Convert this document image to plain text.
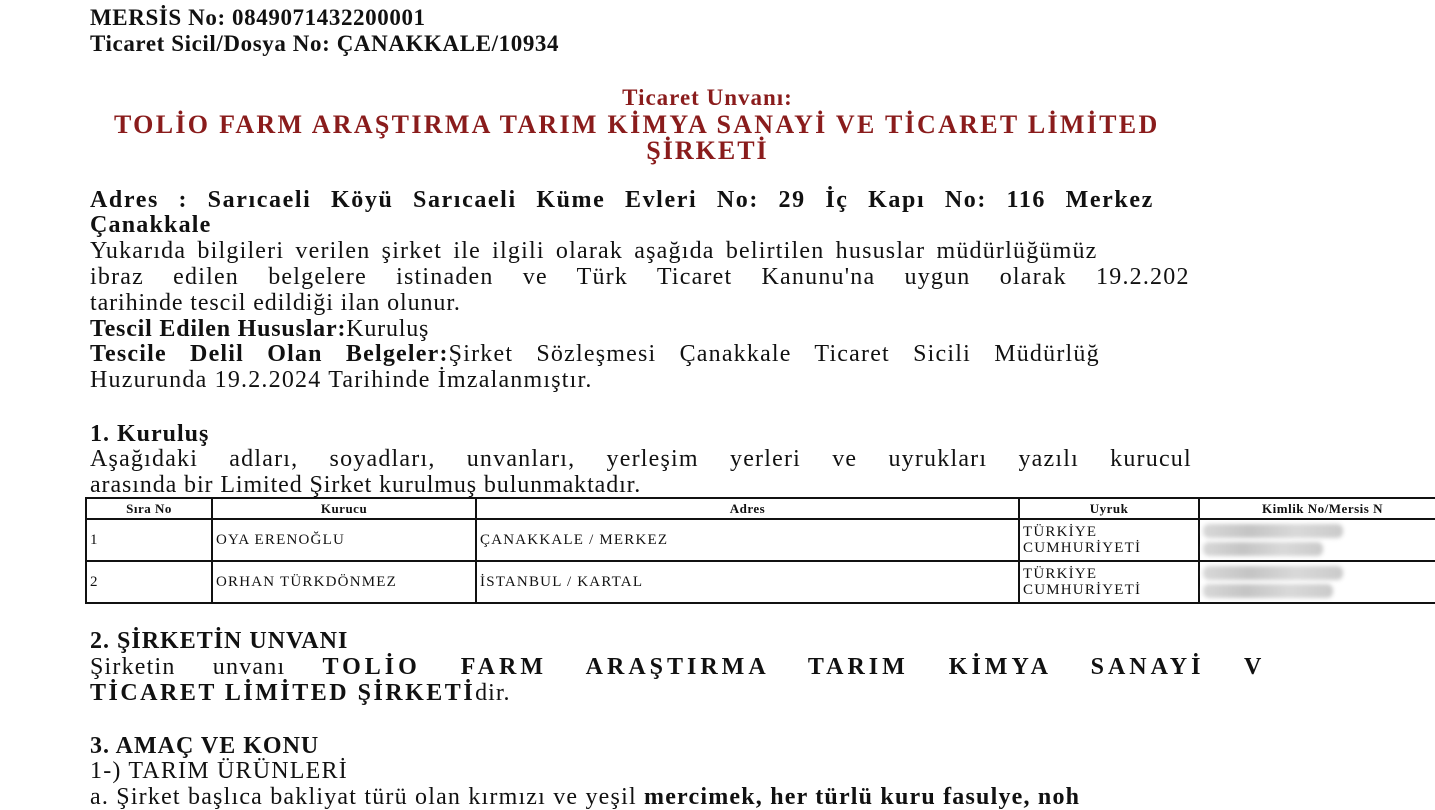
MERSİS No: 0849071432200001
Ticaret Sicil/Dosya No: ÇANAKKALE/10934
Ticaret Unvanı:
TOLİO FARM ARAŞTIRMA TARIM KİMYA SANAYİ VE TİCARET LİMİTED
ŞİRKETİ
Adres : Sarıcaeli Köyü Sarıcaeli Küme Evleri No: 29 İç Kapı No: 116 Merkez
Çanakkale
Yukarıda bilgileri verilen şirket ile ilgili olarak aşağıda belirtilen hususlar müdürlüğümüz
ibraz edilen belgelere istinaden ve Türk Ticaret Kanunu'na uygun olarak 19.2.202
tarihinde tescil edildiği ilan olunur.
Tescil Edilen Hususlar:Kuruluş
Tescile Delil Olan Belgeler:Şirket Sözleşmesi Çanakkale Ticaret Sicili Müdürlüğ
Huzurunda 19.2.2024 Tarihinde İmzalanmıştır.
1. Kuruluş
Aşağıdaki adları, soyadları, unvanları, yerleşim yerleri ve uyrukları yazılı kurucul
arasında bir Limited Şirket kurulmuş bulunmaktadır.
Sıra No	Kurucu	Adres	Uyruk	Kimlik No/Mersis N
1	OYA ERENOĞLU	ÇANAKKALE / MERKEZ	TÜRKİYE CUMHURİYETİ	

2	ORHAN TÜRKDÖNMEZ	İSTANBUL / KARTAL	TÜRKİYE CUMHURİYETİ	
2. ŞİRKETİN UNVANI
Şirketin unvanı TOLİO FARM ARAŞTIRMA TARIM KİMYA SANAYİ V
TİCARET LİMİTED ŞİRKETİdir.
3. AMAÇ VE KONU
1-) TARIM ÜRÜNLERİ
a. Şirket başlıca bakliyat türü olan kırmızı ve yeşil mercimek, her türlü kuru fasulye, noh
